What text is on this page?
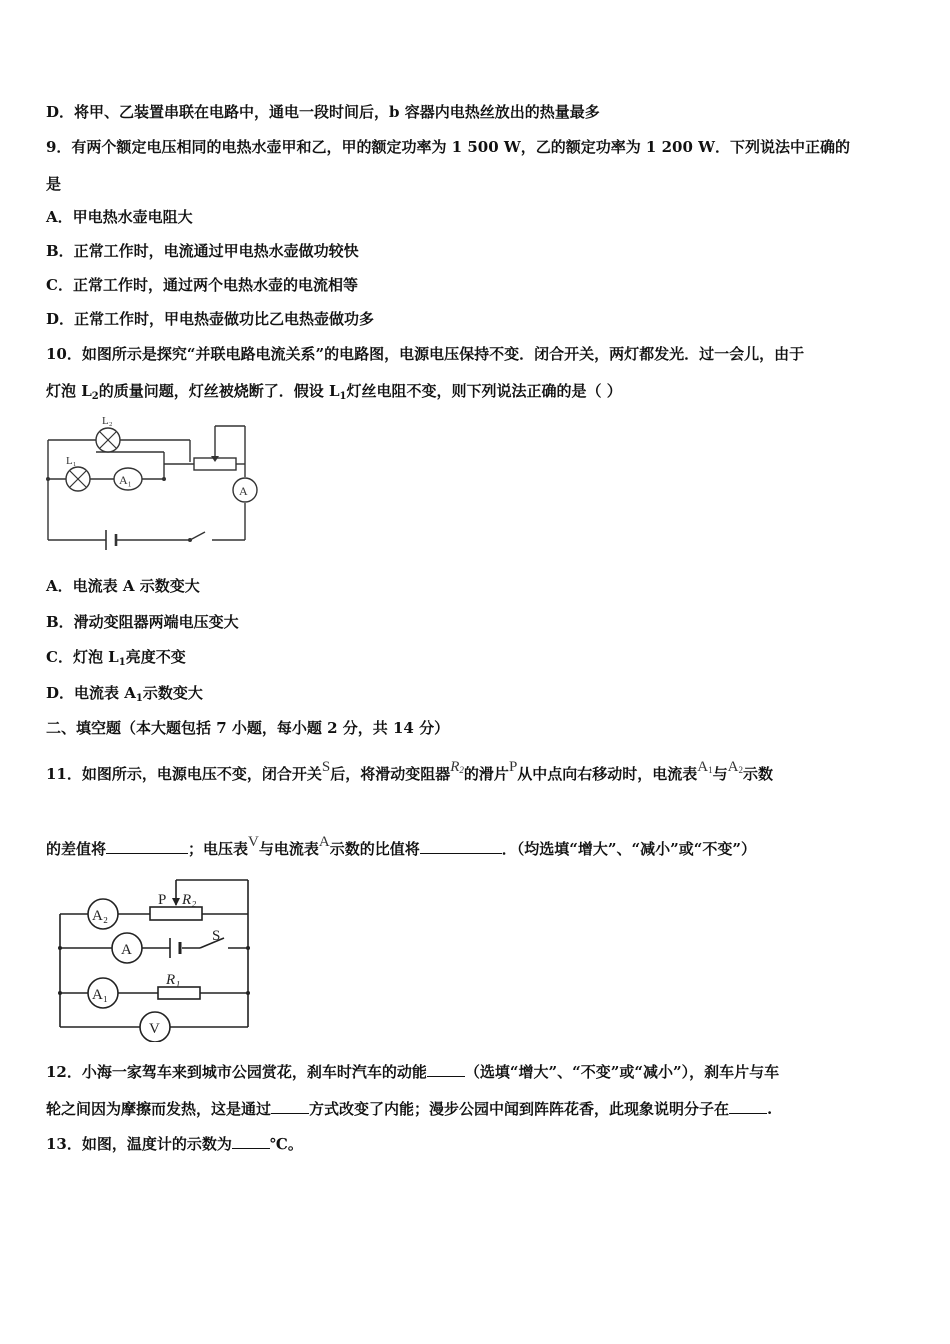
D．将甲、乙装置串联在电路中，通电一段时间后，b 容器内电热丝放出的热量最多
9．有两个额定电压相同的电热水壶甲和乙，甲的额定功率为 1 500 W，乙的额定功率为 1 200 W．下列说法中正确的
是
A．甲电热水壶电阻大
B．正常工作时，电流通过甲电热水壶做功较快
C．正常工作时，通过两个电热水壶的电流相等
D．正常工作时，甲电热壶做功比乙电热壶做功多
10．如图所示是探究“并联电路电流关系”的电路图，电源电压保持不变．闭合开关，两灯都发光．过一会儿，由于
灯泡 $L_2$的质量问题，灯丝被烧断了．假设 $L_1$灯丝电阻不变，则下列说法正确的是（ ）
L₂
L₁
A₁
A
A．电流表 A 示数变大
B．滑动变阻器两端电压变大
C．灯泡 $L_1$亮度不变
D．电流表 $A_1$示数变大
二、填空题（本大题包括 7 小题，每小题 2 分，共 14 分）
11．如图所示，电源电压不变，闭合开关S后，将滑动变阻器$R_2$的滑片P从中点向右移动时，电流表$A_1$与$A_2$示数
的差值将	；电压表V与电流表A示数的比值将	．（均选填“增大”、“减小”或“不变”）
A₂
A
A₁
V
P R₂
S
R₁
12．小海一家驾车来到城市公园赏花，刹车时汽车的动能	（选填“增大”、“不变”或“减小”），刹车片与车
轮之间因为摩擦而发热，这是通过	方式改变了内能；漫步公园中闻到阵阵花香，此现象说明分子在	.
13．如图，温度计的示数为	℃。
